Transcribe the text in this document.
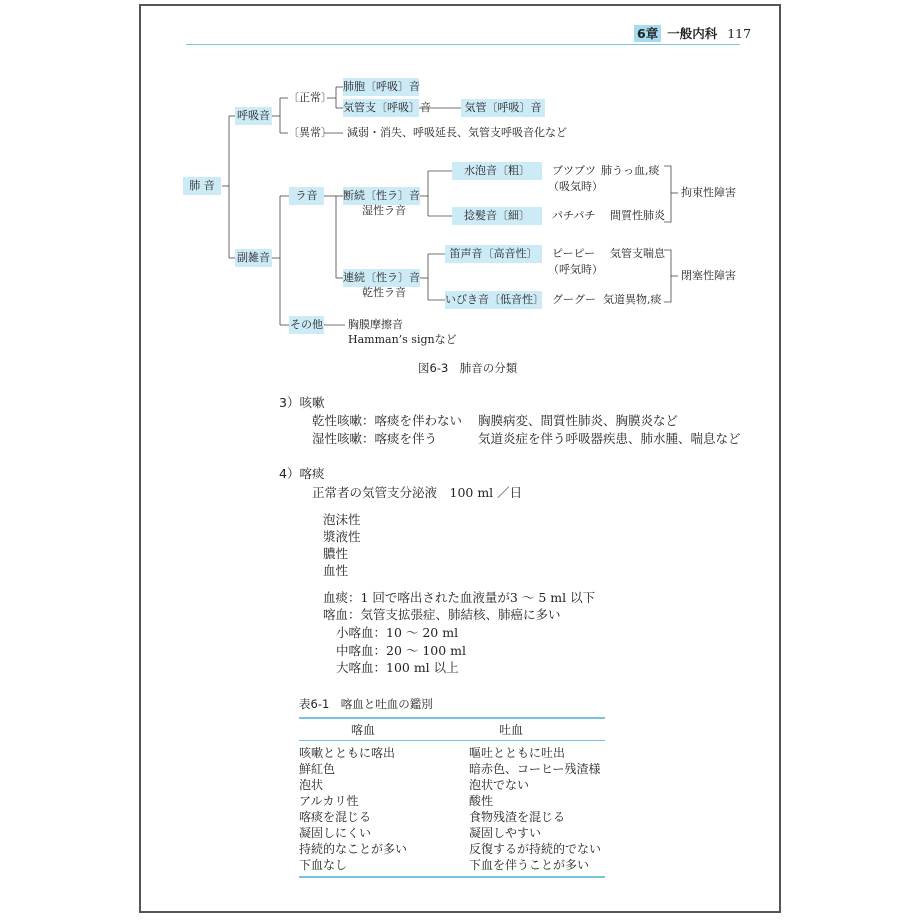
6章 一般内科 117
肺 音
呼吸音
〔正常〕
肺胞〔呼吸〕音
気管支〔呼吸〕音	気管〔呼吸〕音
〔異常〕 減弱・消失、呼吸延長、気管支呼吸音化など
副雑音
ラ音	断続〔性ラ〕音
湿性ラ音
水泡音〔粗〕	ブツブツ
（吸気時）
肺うっ血,痰
捻髪音〔細〕	パチパチ 間質性肺炎
拘束性障害
連続〔性ラ〕音
乾性ラ音
笛声音〔高音性〕	ピーピー
（呼気時）
気管支喘息
いびき音〔低音性〕 グーグー 気道異物,痰
閉塞性障害
その他 胸膜摩擦音
Hamman’s signなど
図6-3　肺音の分類
3）咳嗽
乾性咳嗽：喀痰を伴わない 胸膜病変、間質性肺炎、胸膜炎など
湿性咳嗽：喀痰を伴う	気道炎症を伴う呼吸器疾患、肺水腫、喘息など
4）喀痰
正常者の気管支分泌液　100 ml ／日
泡沫性
漿液性
膿性
血性
血痰：1 回で喀出された血液量が3 ～ 5 ml 以下
喀血：気管支拡張症、肺結核、肺癌に多い
小喀血：10 ～ 20 ml
中喀血：20 ～ 100 ml
大喀血：100 ml 以上
表6-1　喀血と吐血の鑑別
喀血	吐血
咳嗽とともに喀出	嘔吐とともに吐出
鮮紅色	暗赤色、コーヒー残渣様
泡状	泡状でない
アルカリ性	酸性
喀痰を混じる	食物残渣を混じる
凝固しにくい	凝固しやすい
持続的なことが多い	反復するが持続的でない
下血なし	下血を伴うことが多い
